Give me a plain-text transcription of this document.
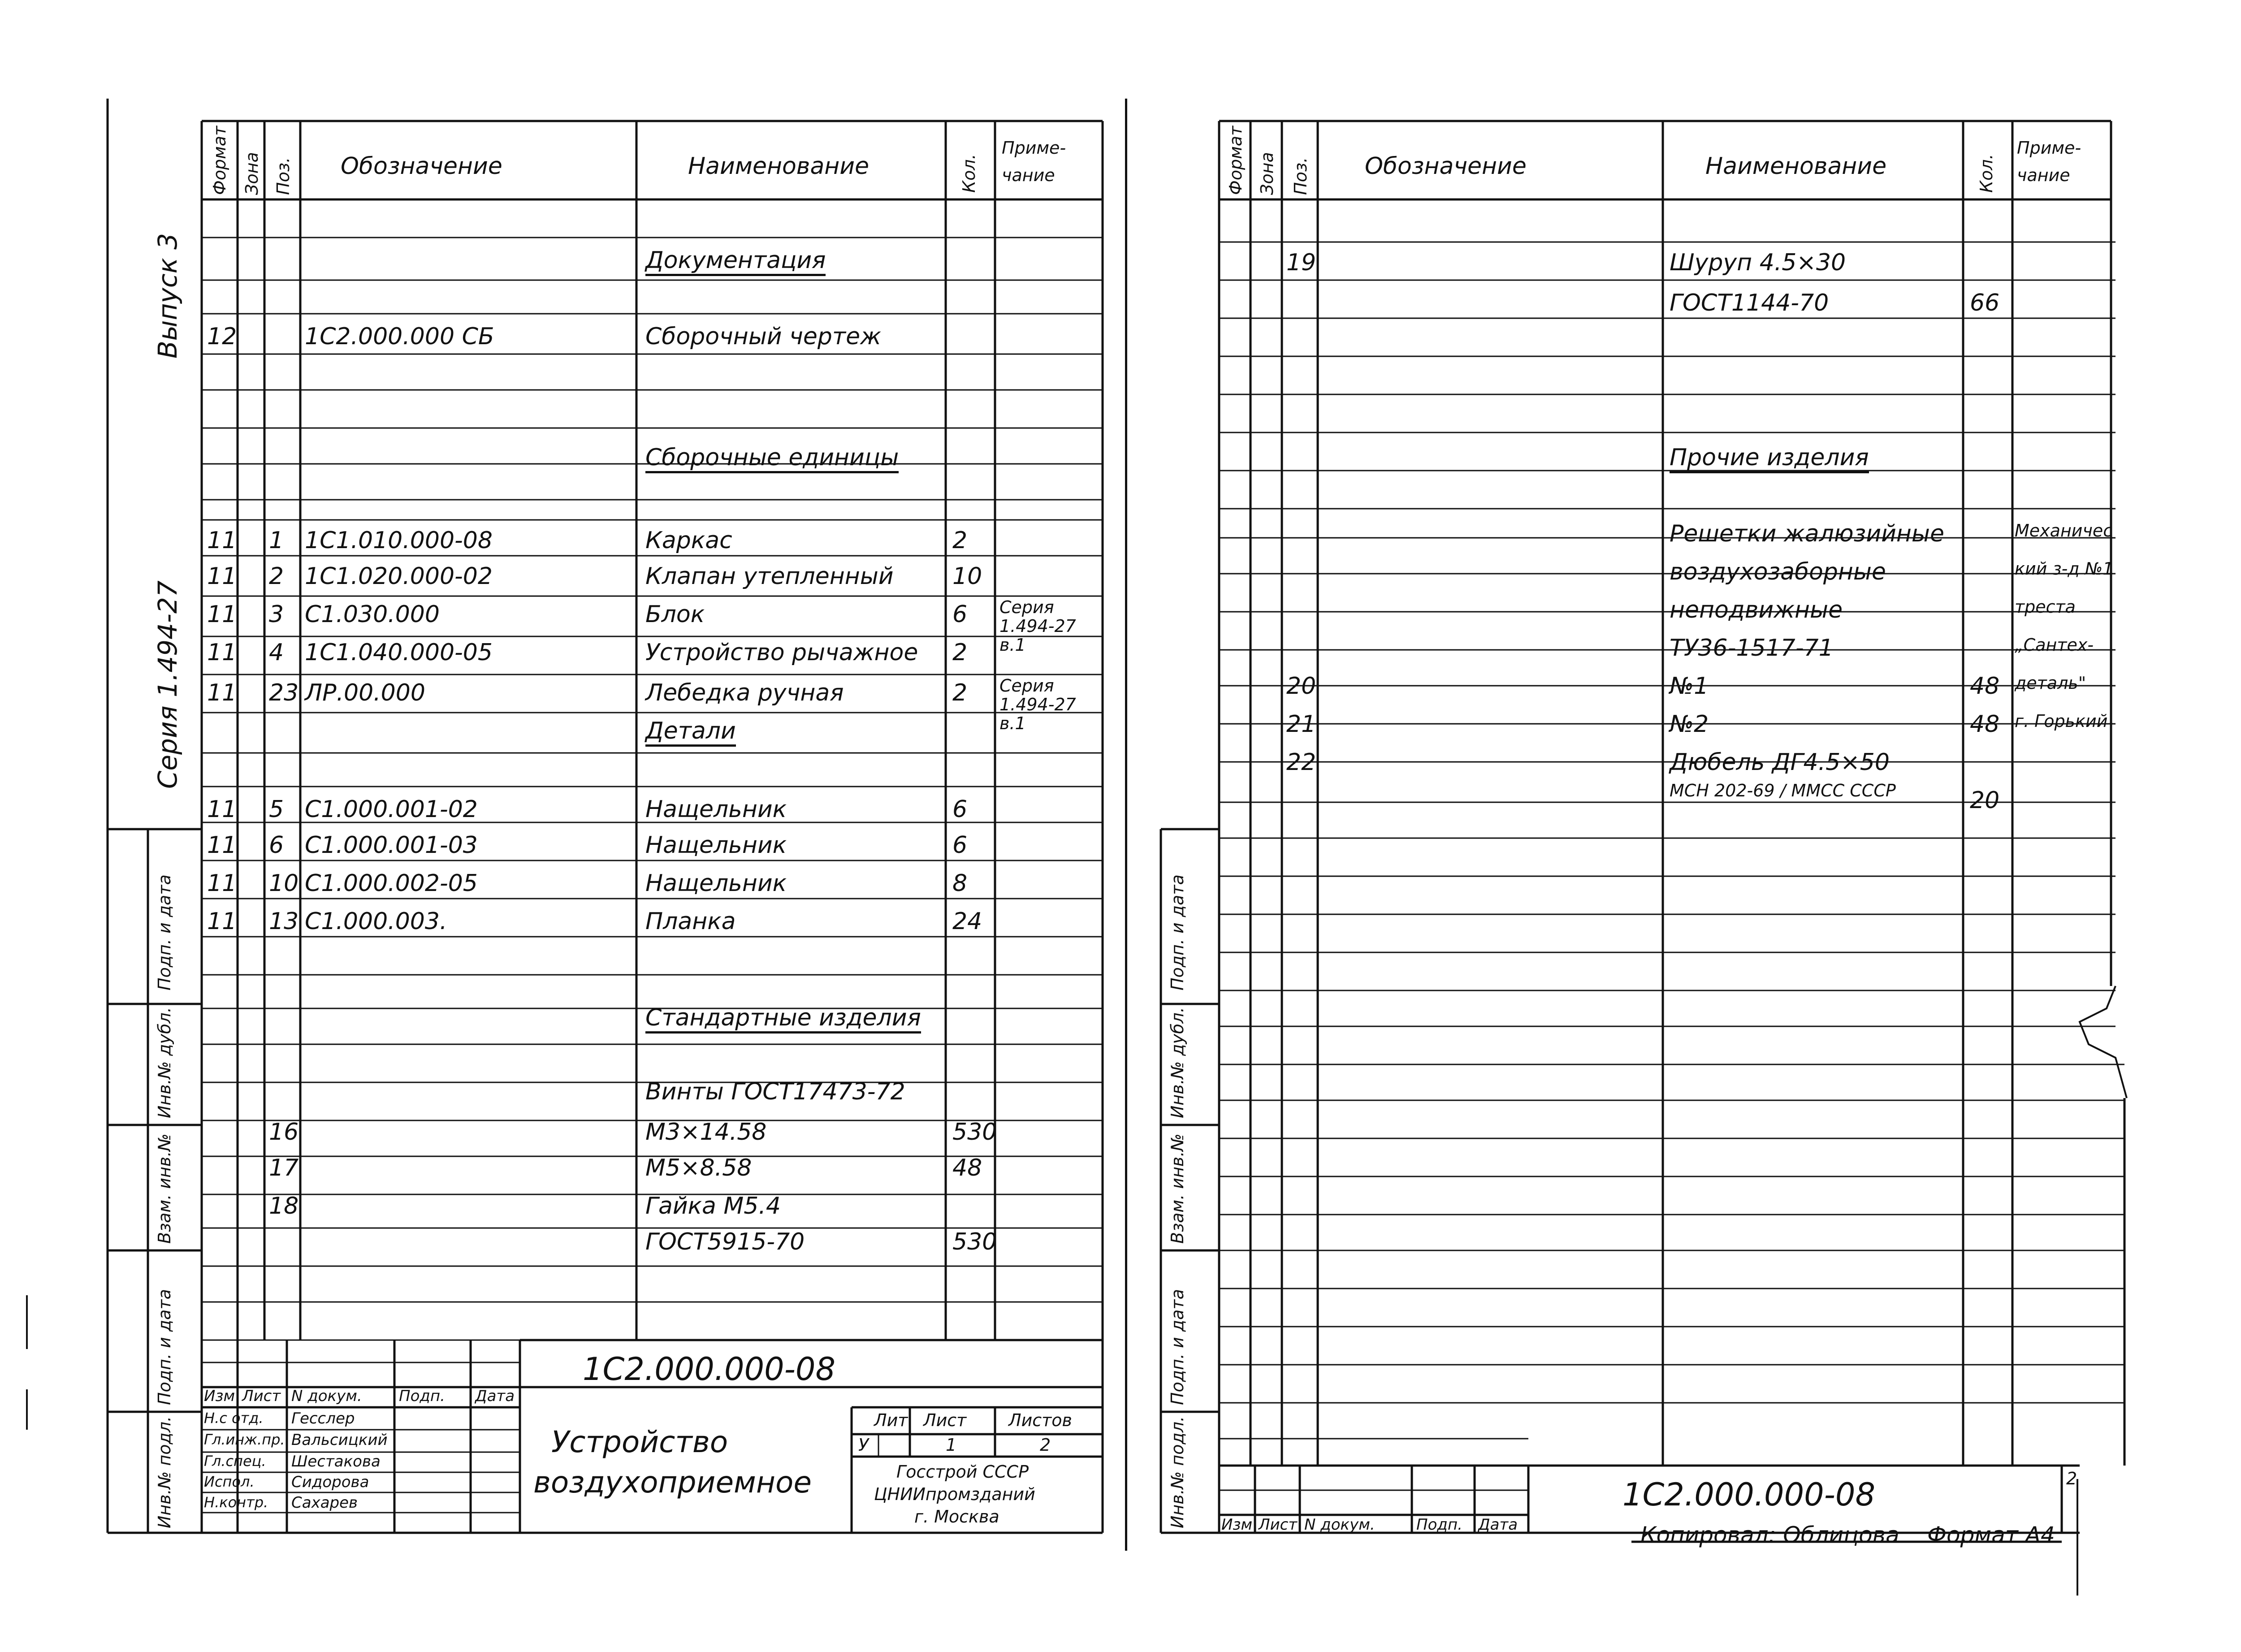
Выпуск 3
Серия 1.494-27
Подп. и дата
Инв.№ дубл.
Взам. инв.№
Подп. и дата
Инв.№ подл.
Формат Зона Поз. Обозначение	Наименование	Кол.
Приме-
чание
Документация
12	1С2.000.000 СБ	Сборочный чертеж
Сборочные единицы
11 1 1С1.010.000-08	Каркас	2
11 2 1С1.020.000-02	Клапан утепленный	10
11 3 С1.030.000	Блок	6 Серия 1.494-27 в.1
11 4 1С1.040.000-05	Устройство рычажное 2
11 23 ЛР.00.000	Лебедка ручная	2 Серия 1.494-27 в.1
Детали
11 5 С1.000.001-02	Нащельник	6
11 6 С1.000.001-03	Нащельник	6
11 10 С1.000.002-05	Нащельник	8
11 13 С1.000.003.	Планка	24
Стандартные изделия
Винты ГОСТ17473-72
16	М3×14.58	530
17	М5×8.58	48
18	Гайка М5.4
ГОСТ5915-70	530
1С2.000.000-08
Устройство
воздухоприемное
Лит. Лист Листов
У	1	2
Госстрой СССР
ЦНИИпромзданий
г. Москва
Изм Лист N докум. Подп. Дата
Н.с отд. Гесслер
Гл.инж.пр. Вальсицкий
Гл.спец. Шестакова
Испол. Сидорова
Н.контр. Сахарев
Подп. и дата
Инв.№ дубл.
Взам. инв.№
Подп. и дата
Инв.№ подл.
Формат Зона Поз. Обозначение	Наименование	Кол.
Приме-
чание
19	Шуруп 4.5×30
ГОСТ1144-70	66
Прочие изделия
Решетки жалюзийные	Механичес
воздухозаборные	кий з-д №1
неподвижные	треста
ТУ36-1517-71	„Сантех-
20	№1	48 деталь"
21	№2	48 г. Горький
22	Дюбель ДГ4.5×50
МСН 202-69 / ММСС СССР	20
1С2.000.000-08	2
Изм Лист N докум.	Подп. Дата	Копировал: Облицова Формат А4
